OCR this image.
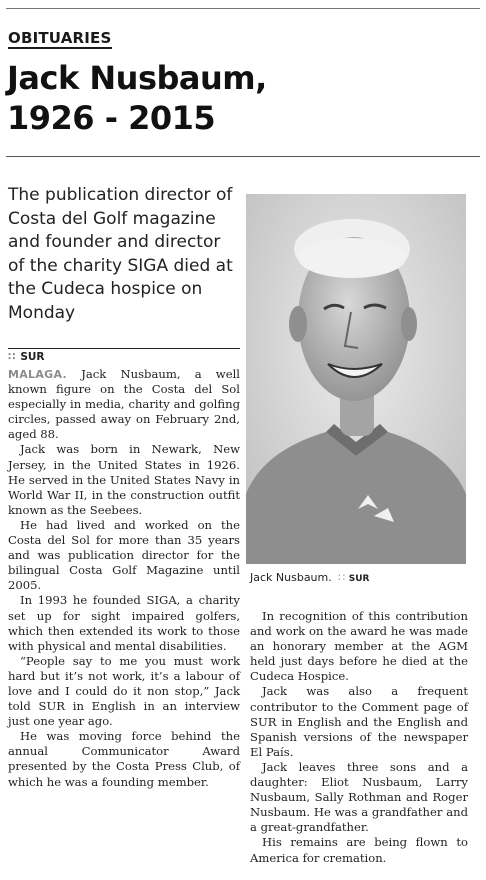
OBITUARIES
Jack Nusbaum,
1926 - 2015

The publication director of Costa del Golf magazine and founder and director of the charity SIGA died at the Cudeca hospice on Monday

∷ SUR
Jack Nusbaum. ∷ SUR

MALAGA. Jack Nusbaum, a well known figure on the Costa del Sol especially in media, charity and golfing circles, passed away on February 2nd, aged 88.

Jack was born in Newark, New Jersey, in the United States in 1926. He served in the United States Navy in World War II, in the construction outfit known as the Seebees.

He had lived and worked on the Costa del Sol for more than 35 years and was publication director for the bilingual Costa Golf Magazine until 2005.

In 1993 he founded SIGA, a charity set up for sight impaired golfers, which then extended its work to those with physical and mental disabilities.

“People say to me you must work hard but it’s not work, it’s a labour of love and I could do it non stop,” Jack told SUR in English in an interview just one year ago.

He was moving force behind the annual Communicator Award presented by the Costa Press Club, of which he was a founding member.

In recognition of this contribution and work on the award he was made an honorary member at the AGM held just days before he died at the Cudeca Hospice.

Jack was also a frequent contributor to the Comment page of SUR in English and the English and Spanish versions of the newspaper El País.

Jack leaves three sons and a daughter: Eliot Nusbaum, Larry Nusbaum, Sally Rothman and Roger Nusbaum. He was a grandfather and a great-grandfather.

His remains are being flown to America for cremation.
